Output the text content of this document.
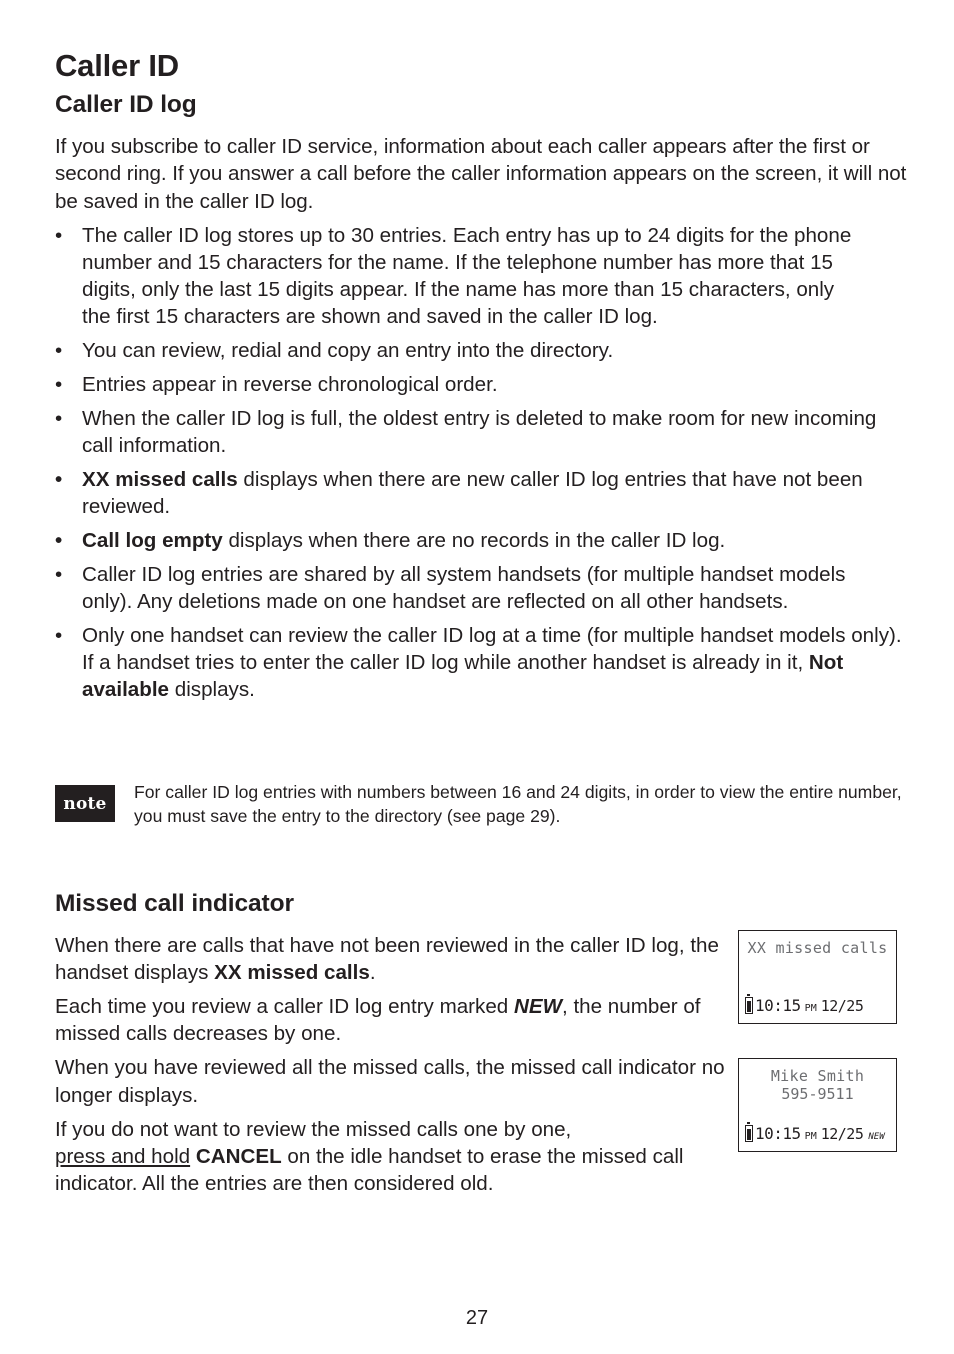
Caller ID
Caller ID log

If you subscribe to caller ID service, information about each caller appears after the first or second ring. If you answer a call before the caller information appears on the screen, it will not be saved in the caller ID log.

• The caller ID log stores up to 30 entries. Each entry has up to 24 digits for the phone number and 15 characters for the name. If the telephone number has more that 15 digits, only the last 15 digits appear. If the name has more than 15 characters, only the first 15 characters are shown and saved in the caller ID log.
• You can review, redial and copy an entry into the directory.
• Entries appear in reverse chronological order.
• When the caller ID log is full, the oldest entry is deleted to make room for new incoming call information.
• XX missed calls displays when there are new caller ID log entries that have not been reviewed.
• Call log empty displays when there are no records in the caller ID log.
• Caller ID log entries are shared by all system handsets (for multiple handset models only). Any deletions made on one handset are reflected on all other handsets.
• Only one handset can review the caller ID log at a time (for multiple handset models only). If a handset tries to enter the caller ID log while another handset is already in it, Not available displays.
note

For caller ID log entries with numbers between 16 and 24 digits, in order to view the entire number, you must save the entry to the directory (see page 29).

Missed call indicator

When there are calls that have not been reviewed in the caller ID log, the handset displays XX missed calls.

Each time you review a caller ID log entry marked NEW, the number of missed calls decreases by one.

When you have reviewed all the missed calls, the missed call indicator no longer displays.

If you do not want to review the missed calls one by one,
press and hold CANCEL on the idle handset to erase the missed call indicator. All the entries are then considered old.

XX missed calls
10:15 PM 12/25
Mike Smith
595-9511
10:15 PM 12/25 NEW
27
